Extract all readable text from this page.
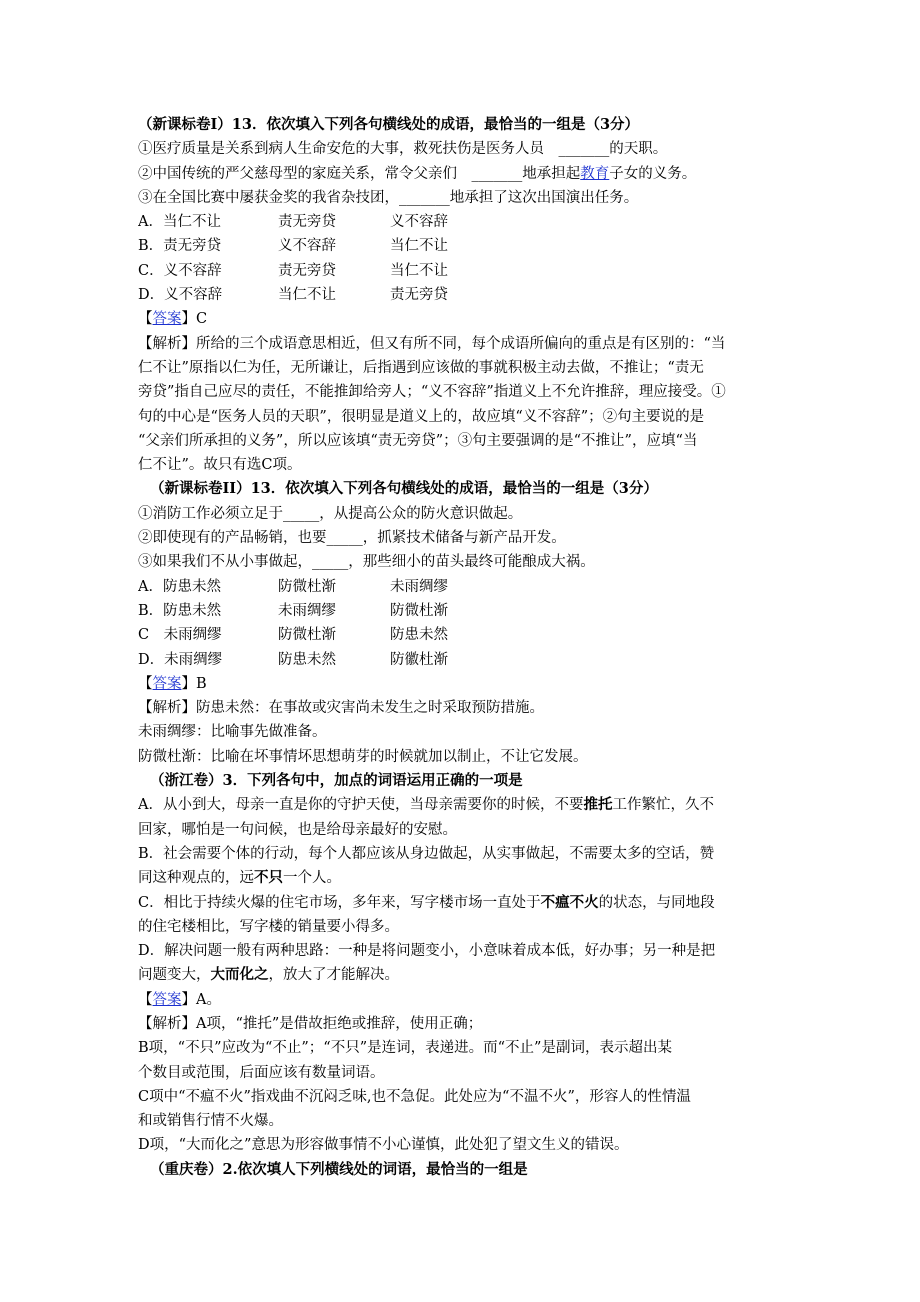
（新课标卷Ⅰ）13．依次填入下列各句横线处的成语，最恰当的一组是（3分）
①医疗质量是关系到病人生命安危的大事，救死扶伤是医务人员　_______的天职。
②中国传统的严父慈母型的家庭关系，常令父亲们　_______地承担起教育子女的义务。
③在全国比赛中屡获金奖的我省杂技团，_______地承担了这次出国演出任务。
A．当仁不让	责无旁贷	义不容辞
B．责无旁贷	义不容辞	当仁不让
C．义不容辞	责无旁贷	当仁不让
D．义不容辞	当仁不让	责无旁贷
【答案】C
【解析】所给的三个成语意思相近，但又有所不同，每个成语所偏向的重点是有区别的：“当
仁不让”原指以仁为任，无所谦让，后指遇到应该做的事就积极主动去做，不推让；“责无
旁贷”指自己应尽的责任，不能推卸给旁人；“义不容辞”指道义上不允许推辞，理应接受。①
句的中心是“医务人员的天职”，很明显是道义上的，故应填“义不容辞”；②句主要说的是
“父亲们所承担的义务”，所以应该填“责无旁贷”；③句主要强调的是“不推让”，应填“当
仁不让”。故只有选C项。
（新课标卷II）13．依次填入下列各句横线处的成语，最恰当的一组是（3分）
①消防工作必须立足于_____，从提高公众的防火意识做起。
②即使现有的产品畅销，也要_____，抓紧技术储备与新产品开发。
③如果我们不从小事做起，_____，那些细小的苗头最终可能酿成大祸。
A．防患未然	防微杜渐	未雨绸缪
B．防患未然	未雨绸缪	防微杜渐
C　未雨绸缪	防微杜渐	防患未然
D．未雨绸缪	防患未然	防徽杜渐
【答案】B
【解析】防患未然：在事故或灾害尚未发生之时采取预防措施。
未雨绸缪：比喻事先做准备。
防微杜渐：比喻在坏事情坏思想萌芽的时候就加以制止，不让它发展。
（浙江卷）3．下列各句中，加点的词语运用正确的一项是
A．从小到大，母亲一直是你的守护天使，当母亲需要你的时候，不要推托工作繁忙，久不
回家，哪怕是一句问候，也是给母亲最好的安慰。
B．社会需要个体的行动，每个人都应该从身边做起，从实事做起，不需要太多的空话，赞
同这种观点的，远不只一个人。
C．相比于持续火爆的住宅市场，多年来，写字楼市场一直处于不瘟不火的状态，与同地段
的住宅楼相比，写字楼的销量要小得多。
D．解决问题一般有两种思路：一种是将问题变小，小意味着成本低，好办事；另一种是把
问题变大，大而化之，放大了才能解决。
【答案】A。
【解析】A项，“推托”是借故拒绝或推辞，使用正确；
B项，“不只”应改为“不止”；“不只”是连词，表递进。而“不止”是副词，表示超出某
个数目或范围，后面应该有数量词语。
C项中“不瘟不火”指戏曲不沉闷乏味,也不急促。此处应为“不温不火”，形容人的性情温
和或销售行情不火爆。
D项，“大而化之”意思为形容做事情不小心谨慎，此处犯了望文生义的错误。
（重庆卷）2.依次填人下列横线处的词语，最恰当的一组是
